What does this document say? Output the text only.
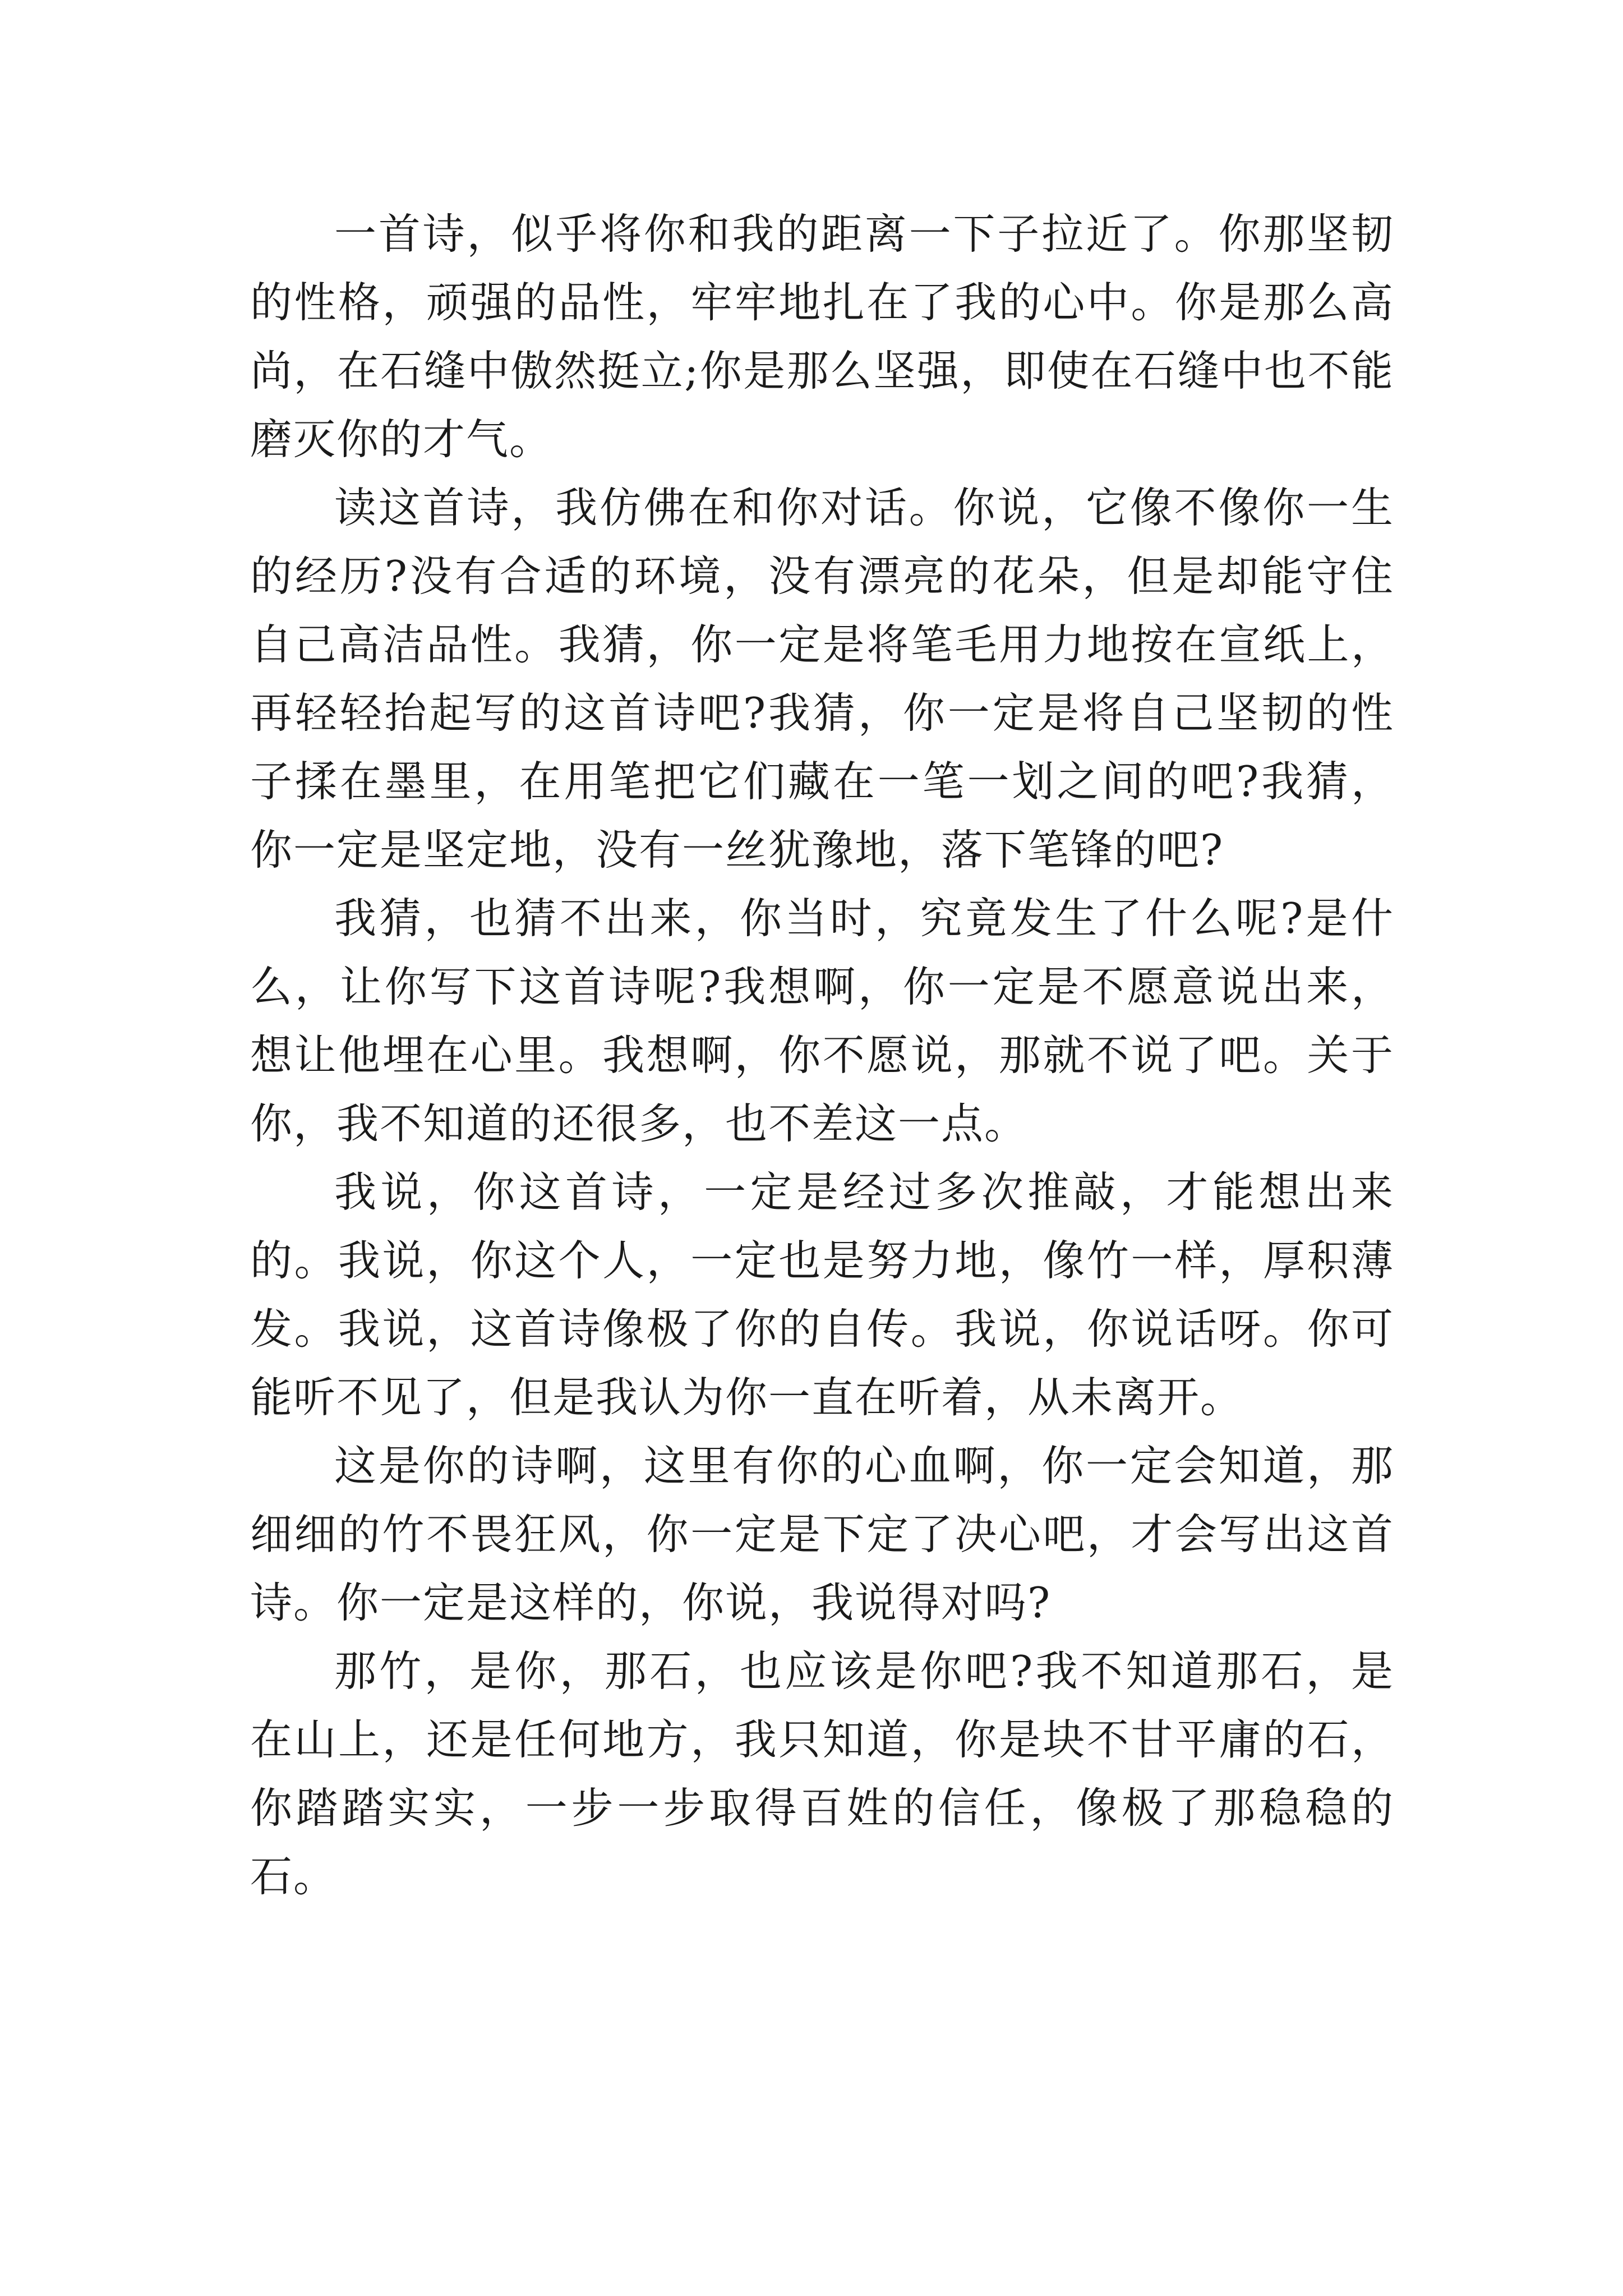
一首诗，似乎将你和我的距离一下子拉近了。你那坚韧的性格，顽强的品性，牢牢地扎在了我的心中。你是那么高尚，在石缝中傲然挺立;你是那么坚强，即使在石缝中也不能磨灭你的才气。

读这首诗，我仿佛在和你对话。你说，它像不像你一生的经历?没有合适的环境，没有漂亮的花朵，但是却能守住自己高洁品性。我猜，你一定是将笔毛用力地按在宣纸上，再轻轻抬起写的这首诗吧?我猜，你一定是将自己坚韧的性子揉在墨里，在用笔把它们藏在一笔一划之间的吧?我猜，你一定是坚定地，没有一丝犹豫地，落下笔锋的吧?

我猜，也猜不出来，你当时，究竟发生了什么呢?是什么，让你写下这首诗呢?我想啊，你一定是不愿意说出来，想让他埋在心里。我想啊，你不愿说，那就不说了吧。关于你，我不知道的还很多，也不差这一点。

我说，你这首诗，一定是经过多次推敲，才能想出来的。我说，你这个人，一定也是努力地，像竹一样，厚积薄发。我说，这首诗像极了你的自传。我说，你说话呀。你可能听不见了，但是我认为你一直在听着，从未离开。

这是你的诗啊，这里有你的心血啊，你一定会知道，那细细的竹不畏狂风，你一定是下定了决心吧，才会写出这首诗。你一定是这样的，你说，我说得对吗?

那竹，是你，那石，也应该是你吧?我不知道那石，是在山上，还是任何地方，我只知道，你是块不甘平庸的石，你踏踏实实，一步一步取得百姓的信任，像极了那稳稳的石。
